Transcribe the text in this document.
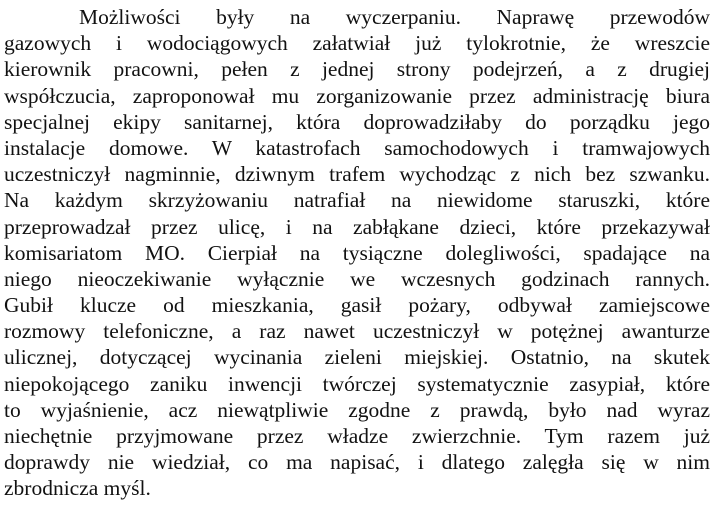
Możliwości były na wyczerpaniu. Naprawę przewodów
gazowych i wodociągowych załatwiał już tylokrotnie, że wreszcie
kierownik pracowni, pełen z jednej strony podejrzeń, a z drugiej
współczucia, zaproponował mu zorganizowanie przez administrację biura
specjalnej ekipy sanitarnej, która doprowadziłaby do porządku jego
instalacje domowe. W katastrofach samochodowych i tramwajowych
uczestniczył nagminnie, dziwnym trafem wychodząc z nich bez szwanku.
Na każdym skrzyżowaniu natrafiał na niewidome staruszki, które
przeprowadzał przez ulicę, i na zabłąkane dzieci, które przekazywał
komisariatom MO. Cierpiał na tysiączne dolegliwości, spadające na
niego nieoczekiwanie wyłącznie we wczesnych godzinach rannych.
Gubił klucze od mieszkania, gasił pożary, odbywał zamiejscowe
rozmowy telefoniczne, a raz nawet uczestniczył w potężnej awanturze
ulicznej, dotyczącej wycinania zieleni miejskiej. Ostatnio, na skutek
niepokojącego zaniku inwencji twórczej systematycznie zasypiał, które
to wyjaśnienie, acz niewątpliwie zgodne z prawdą, było nad wyraz
niechętnie przyjmowane przez władze zwierzchnie. Tym razem już
doprawdy nie wiedział, co ma napisać, i dlatego zalęgła się w nim
zbrodnicza myśl.
